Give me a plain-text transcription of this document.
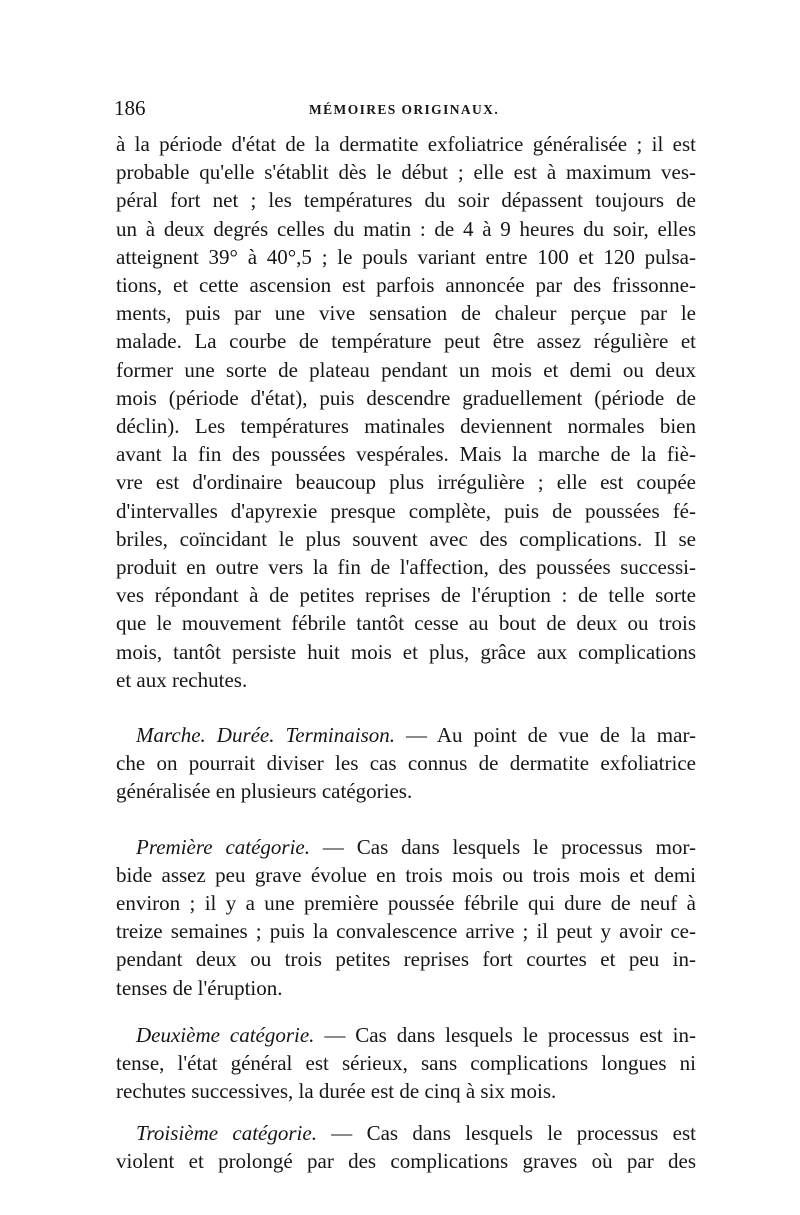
186	MÉMOIRES ORIGINAUX.
à la période d'état de la dermatite exfoliatrice généralisée ; il est
probable qu'elle s'établit dès le début ; elle est à maximum ves-
péral fort net ; les températures du soir dépassent toujours de
un à deux degrés celles du matin : de 4 à 9 heures du soir, elles
atteignent 39° à 40°,5 ; le pouls variant entre 100 et 120 pulsa-
tions, et cette ascension est parfois annoncée par des frissonne-
ments, puis par une vive sensation de chaleur perçue par le
malade. La courbe de température peut être assez régulière et
former une sorte de plateau pendant un mois et demi ou deux
mois (période d'état), puis descendre graduellement (période de
déclin). Les températures matinales deviennent normales bien
avant la fin des poussées vespérales. Mais la marche de la fiè-
vre est d'ordinaire beaucoup plus irrégulière ; elle est coupée
d'intervalles d'apyrexie presque complète, puis de poussées fé-
briles, coïncidant le plus souvent avec des complications. Il se
produit en outre vers la fin de l'affection, des poussées successi-
ves répondant à de petites reprises de l'éruption : de telle sorte
que le mouvement fébrile tantôt cesse au bout de deux ou trois
mois, tantôt persiste huit mois et plus, grâce aux complications
et aux rechutes.
Marche. Durée. Terminaison. — Au point de vue de la mar-
che on pourrait diviser les cas connus de dermatite exfoliatrice
généralisée en plusieurs catégories.
Première catégorie. — Cas dans lesquels le processus mor-
bide assez peu grave évolue en trois mois ou trois mois et demi
environ ; il y a une première poussée fébrile qui dure de neuf à
treize semaines ; puis la convalescence arrive ; il peut y avoir ce-
pendant deux ou trois petites reprises fort courtes et peu in-
tenses de l'éruption.
Deuxième catégorie. — Cas dans lesquels le processus est in-
tense, l'état général est sérieux, sans complications longues ni
rechutes successives, la durée est de cinq à six mois.
Troisième catégorie. — Cas dans lesquels le processus est
violent et prolongé par des complications graves où par des
